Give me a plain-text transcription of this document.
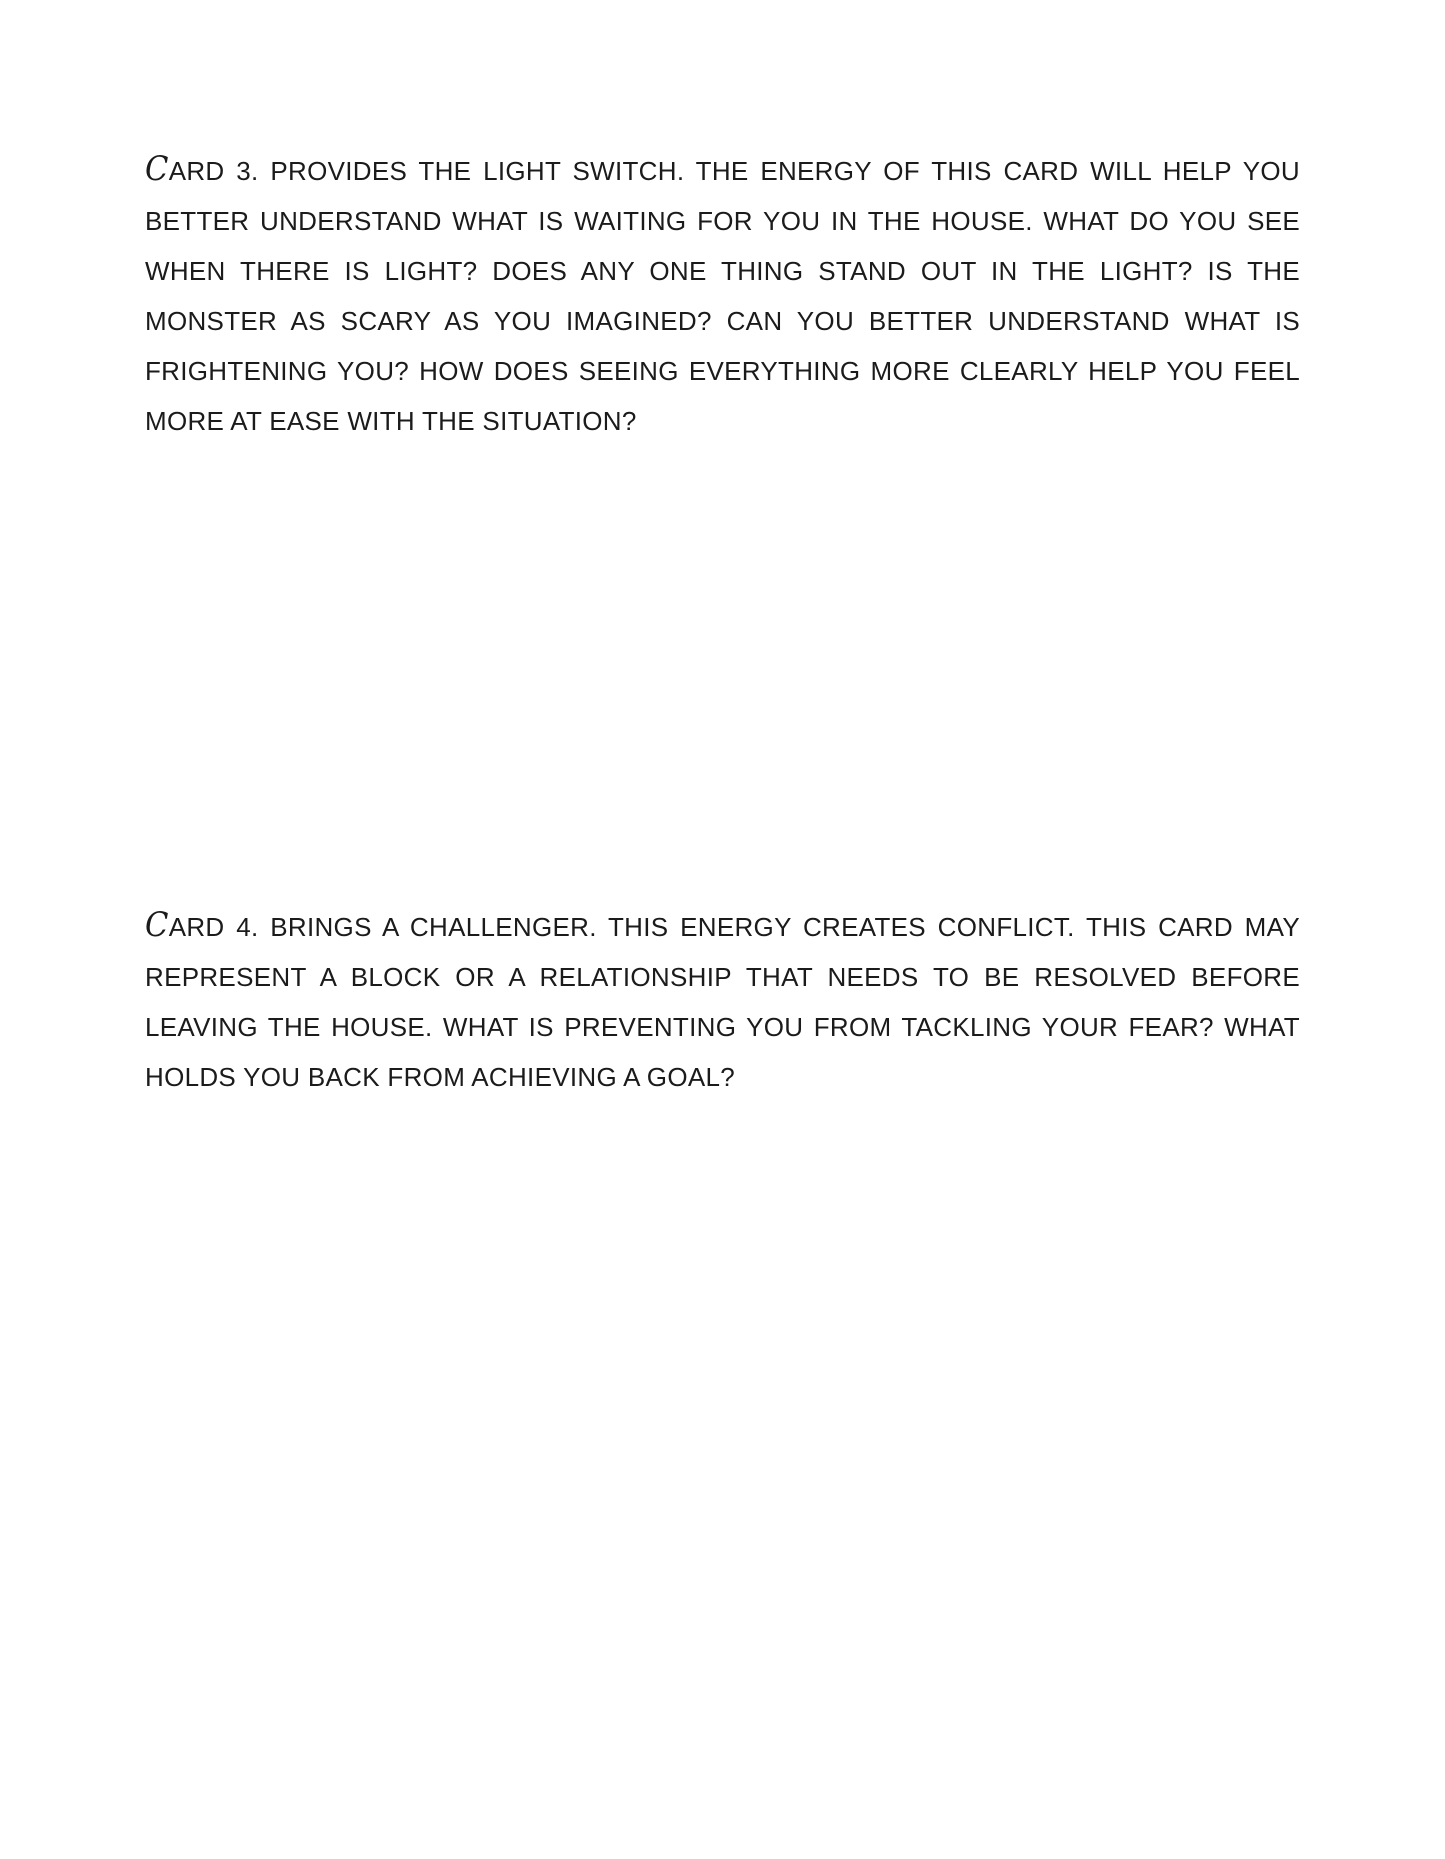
CARD 3. PROVIDES THE LIGHT SWITCH. THE ENERGY OF THIS CARD WILL HELP YOU BETTER UNDERSTAND WHAT IS WAITING FOR YOU IN THE HOUSE. WHAT DO YOU SEE WHEN THERE IS LIGHT? DOES ANY ONE THING STAND OUT IN THE LIGHT? IS THE MONSTER AS SCARY AS YOU IMAGINED? CAN YOU BETTER UNDERSTAND WHAT IS FRIGHTENING YOU? HOW DOES SEEING EVERYTHING MORE CLEARLY HELP YOU FEEL MORE AT EASE WITH THE SITUATION?

CARD 4. BRINGS A CHALLENGER. THIS ENERGY CREATES CONFLICT. THIS CARD MAY REPRESENT A BLOCK OR A RELATIONSHIP THAT NEEDS TO BE RESOLVED BEFORE LEAVING THE HOUSE. WHAT IS PREVENTING YOU FROM TACKLING YOUR FEAR? WHAT HOLDS YOU BACK FROM ACHIEVING A GOAL?
